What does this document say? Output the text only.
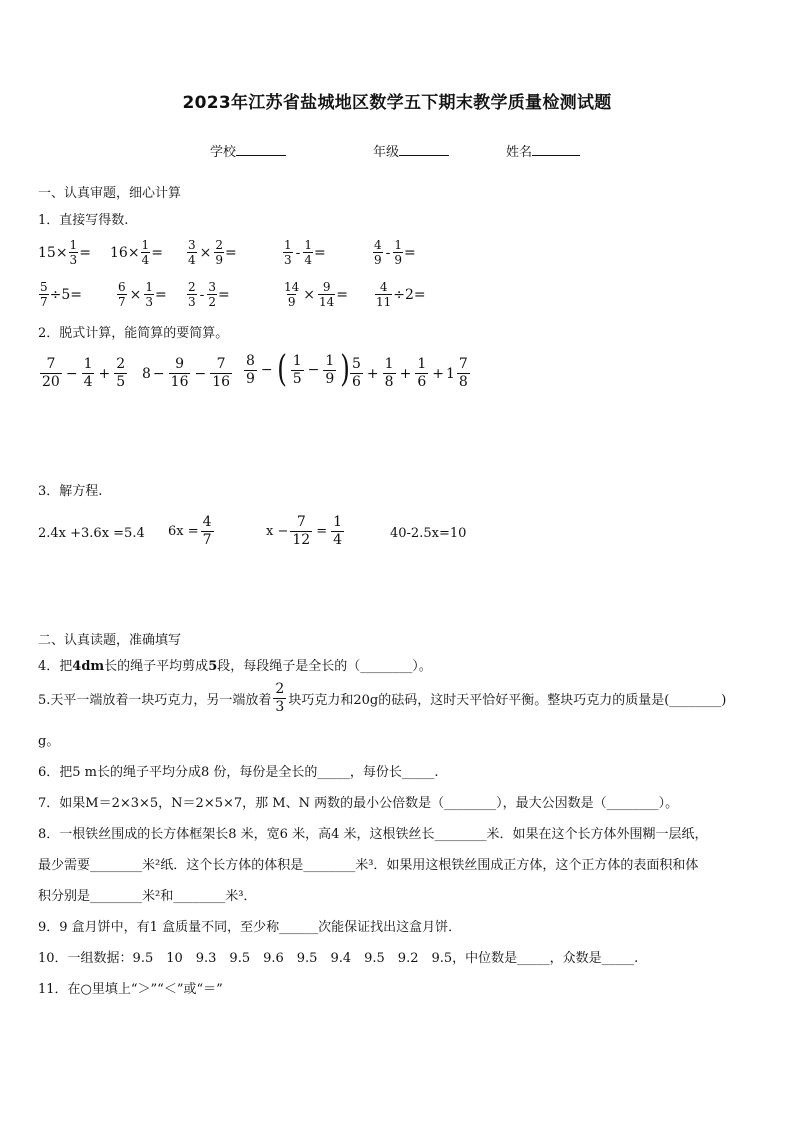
2023年江苏省盐城地区数学五下期末教学质量检测试题
学校	年级	姓名
一、认真审题，细心计算
1．直接写得数.
$15\times \frac{1}{3} = 16\times \frac{1}{4} = \frac{3}{4} \times \frac{2}{9}$ =	$\frac{1}{3} - \frac{1}{4}$ =	$\frac{4}{9} - \frac{1}{9}$ =
$\frac{5}{7} \div 5=$	$\frac{6}{7} \times \frac{1}{3} = \frac{2}{3} - \frac{3}{2}$ =	$\frac{14}{9} \times \frac{9}{14} = \frac{4}{11} \div 2=$
2．脱式计算，能简算的要简算。
$\frac{7}{20} - \frac{1}{4} + \frac{2}{5} 8 - \frac{9}{16} - \frac{7}{16} \frac{8}{9}$ − ( $\frac{1}{5} - \frac{1}{9}$ ) $\frac{5}{6} + \frac{1}{8} + \frac{1}{6} + 1 \frac{7}{8}$
3．解方程.
2.4x +3.6x =5.4 $6x = \frac{4}{7}$	$x - \frac{7}{12} = \frac{1}{4}$	40-2.5x=10
二、认真读题，准确填写
4．把4dm长的绳子平均剪成5段，每段绳子是全长的（________）。
5.天平一端放着一块巧克力，另一端放着 $\frac{2}{3}$ 块巧克力和20g的砝码，这时天平恰好平衡。整块巧克力的质量是(________)
g。
6．把5 m长的绳子平均分成8 份，每份是全长的_____，每份长_____.
7．如果M＝2×3×5，N＝2×5×7，那 M、N 两数的最小公倍数是（________），最大公因数是（________）。
8．一根铁丝围成的长方体框架长8 米，宽6 米，高4 米，这根铁丝长________米．如果在这个长方体外围糊一层纸，
最少需要________米²纸．这个长方体的体积是________米³．如果用这根铁丝围成正方体，这个正方体的表面积和体
积分别是________米²和________米³．
9．9 盒月饼中，有1 盒质量不同，至少称______次能保证找出这盒月饼．
10．一组数据：9.5　10　9.3　9.5　9.6　9.5　9.4　9.5　9.2　9.5，中位数是_____，众数是_____.
11．在○里填上“＞”“＜”或“＝”
